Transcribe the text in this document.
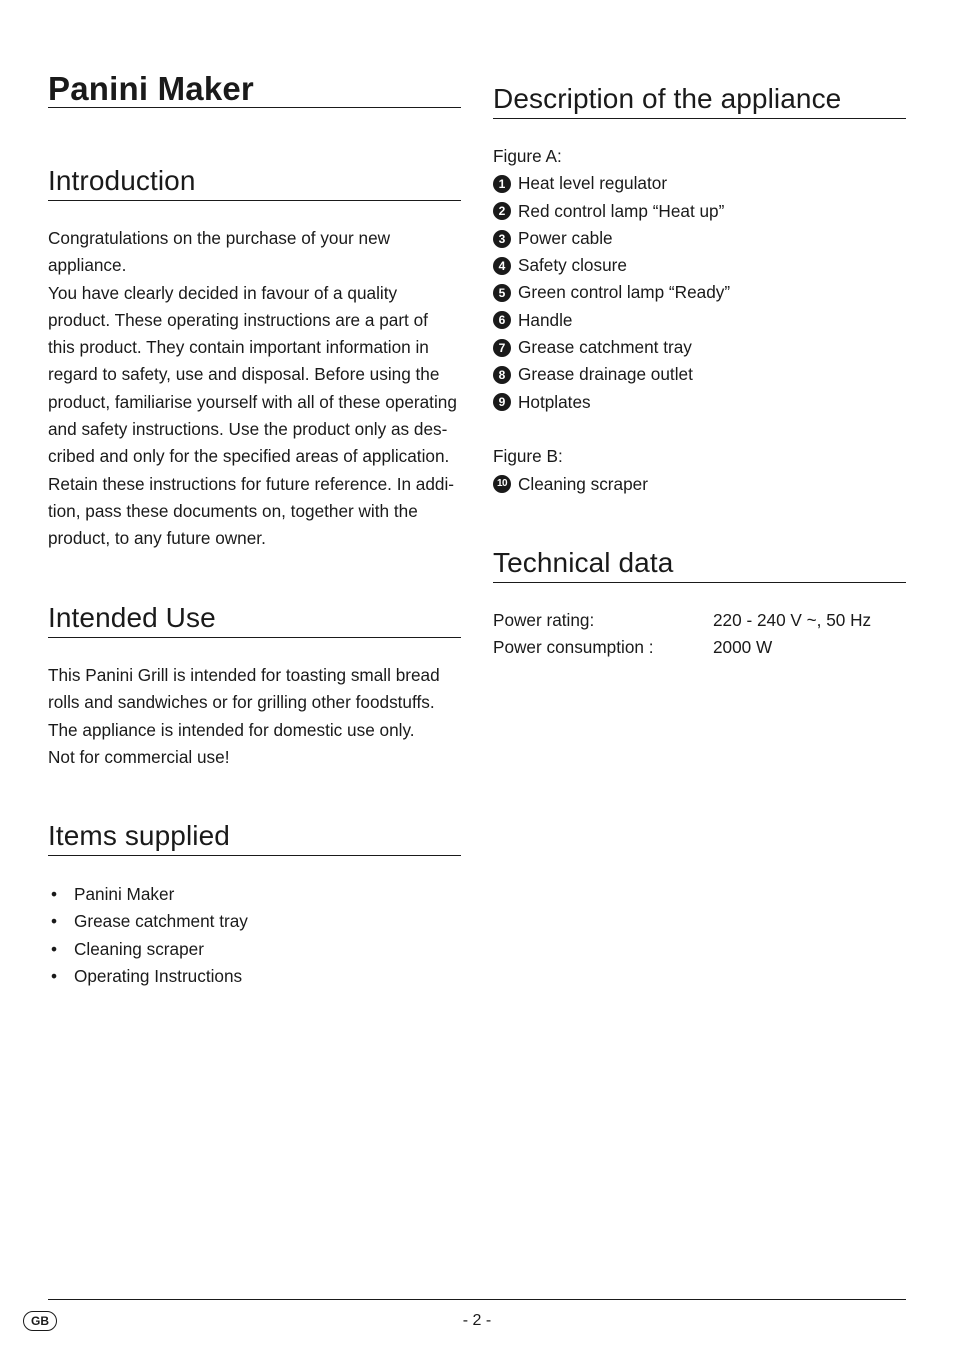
Panini Maker
Introduction
Congratulations on the purchase of your new
appliance.
You have clearly decided in favour of a quality
product. These operating instructions are a part of
this product. They contain important information in
regard to safety, use and disposal. Before using the
product, familiarise yourself with all of these operating
and safety instructions. Use the product only as des-
cribed and only for the specified areas of application.
Retain these instructions for future reference. In addi-
tion, pass these documents on, together with the
product, to any future owner.
Intended Use
This Panini Grill is intended for toasting small bread
rolls and sandwiches or for grilling other foodstuffs.
The appliance is intended for domestic use only.
Not for commercial use!
Items supplied
• Panini Maker
• Grease catchment tray
• Cleaning scraper
• Operating Instructions
Description of the appliance
Figure A:
1 Heat level regulator
2 Red control lamp “Heat up”
3 Power cable
4 Safety closure
5 Green control lamp “Ready”
6 Handle
7 Grease catchment tray
8 Grease drainage outlet
9 Hotplates
Figure B:
10 Cleaning scraper
Technical data
Power rating:	220 - 240 V ~, 50 Hz
Power consumption :	2000 W
GB	- 2 -
